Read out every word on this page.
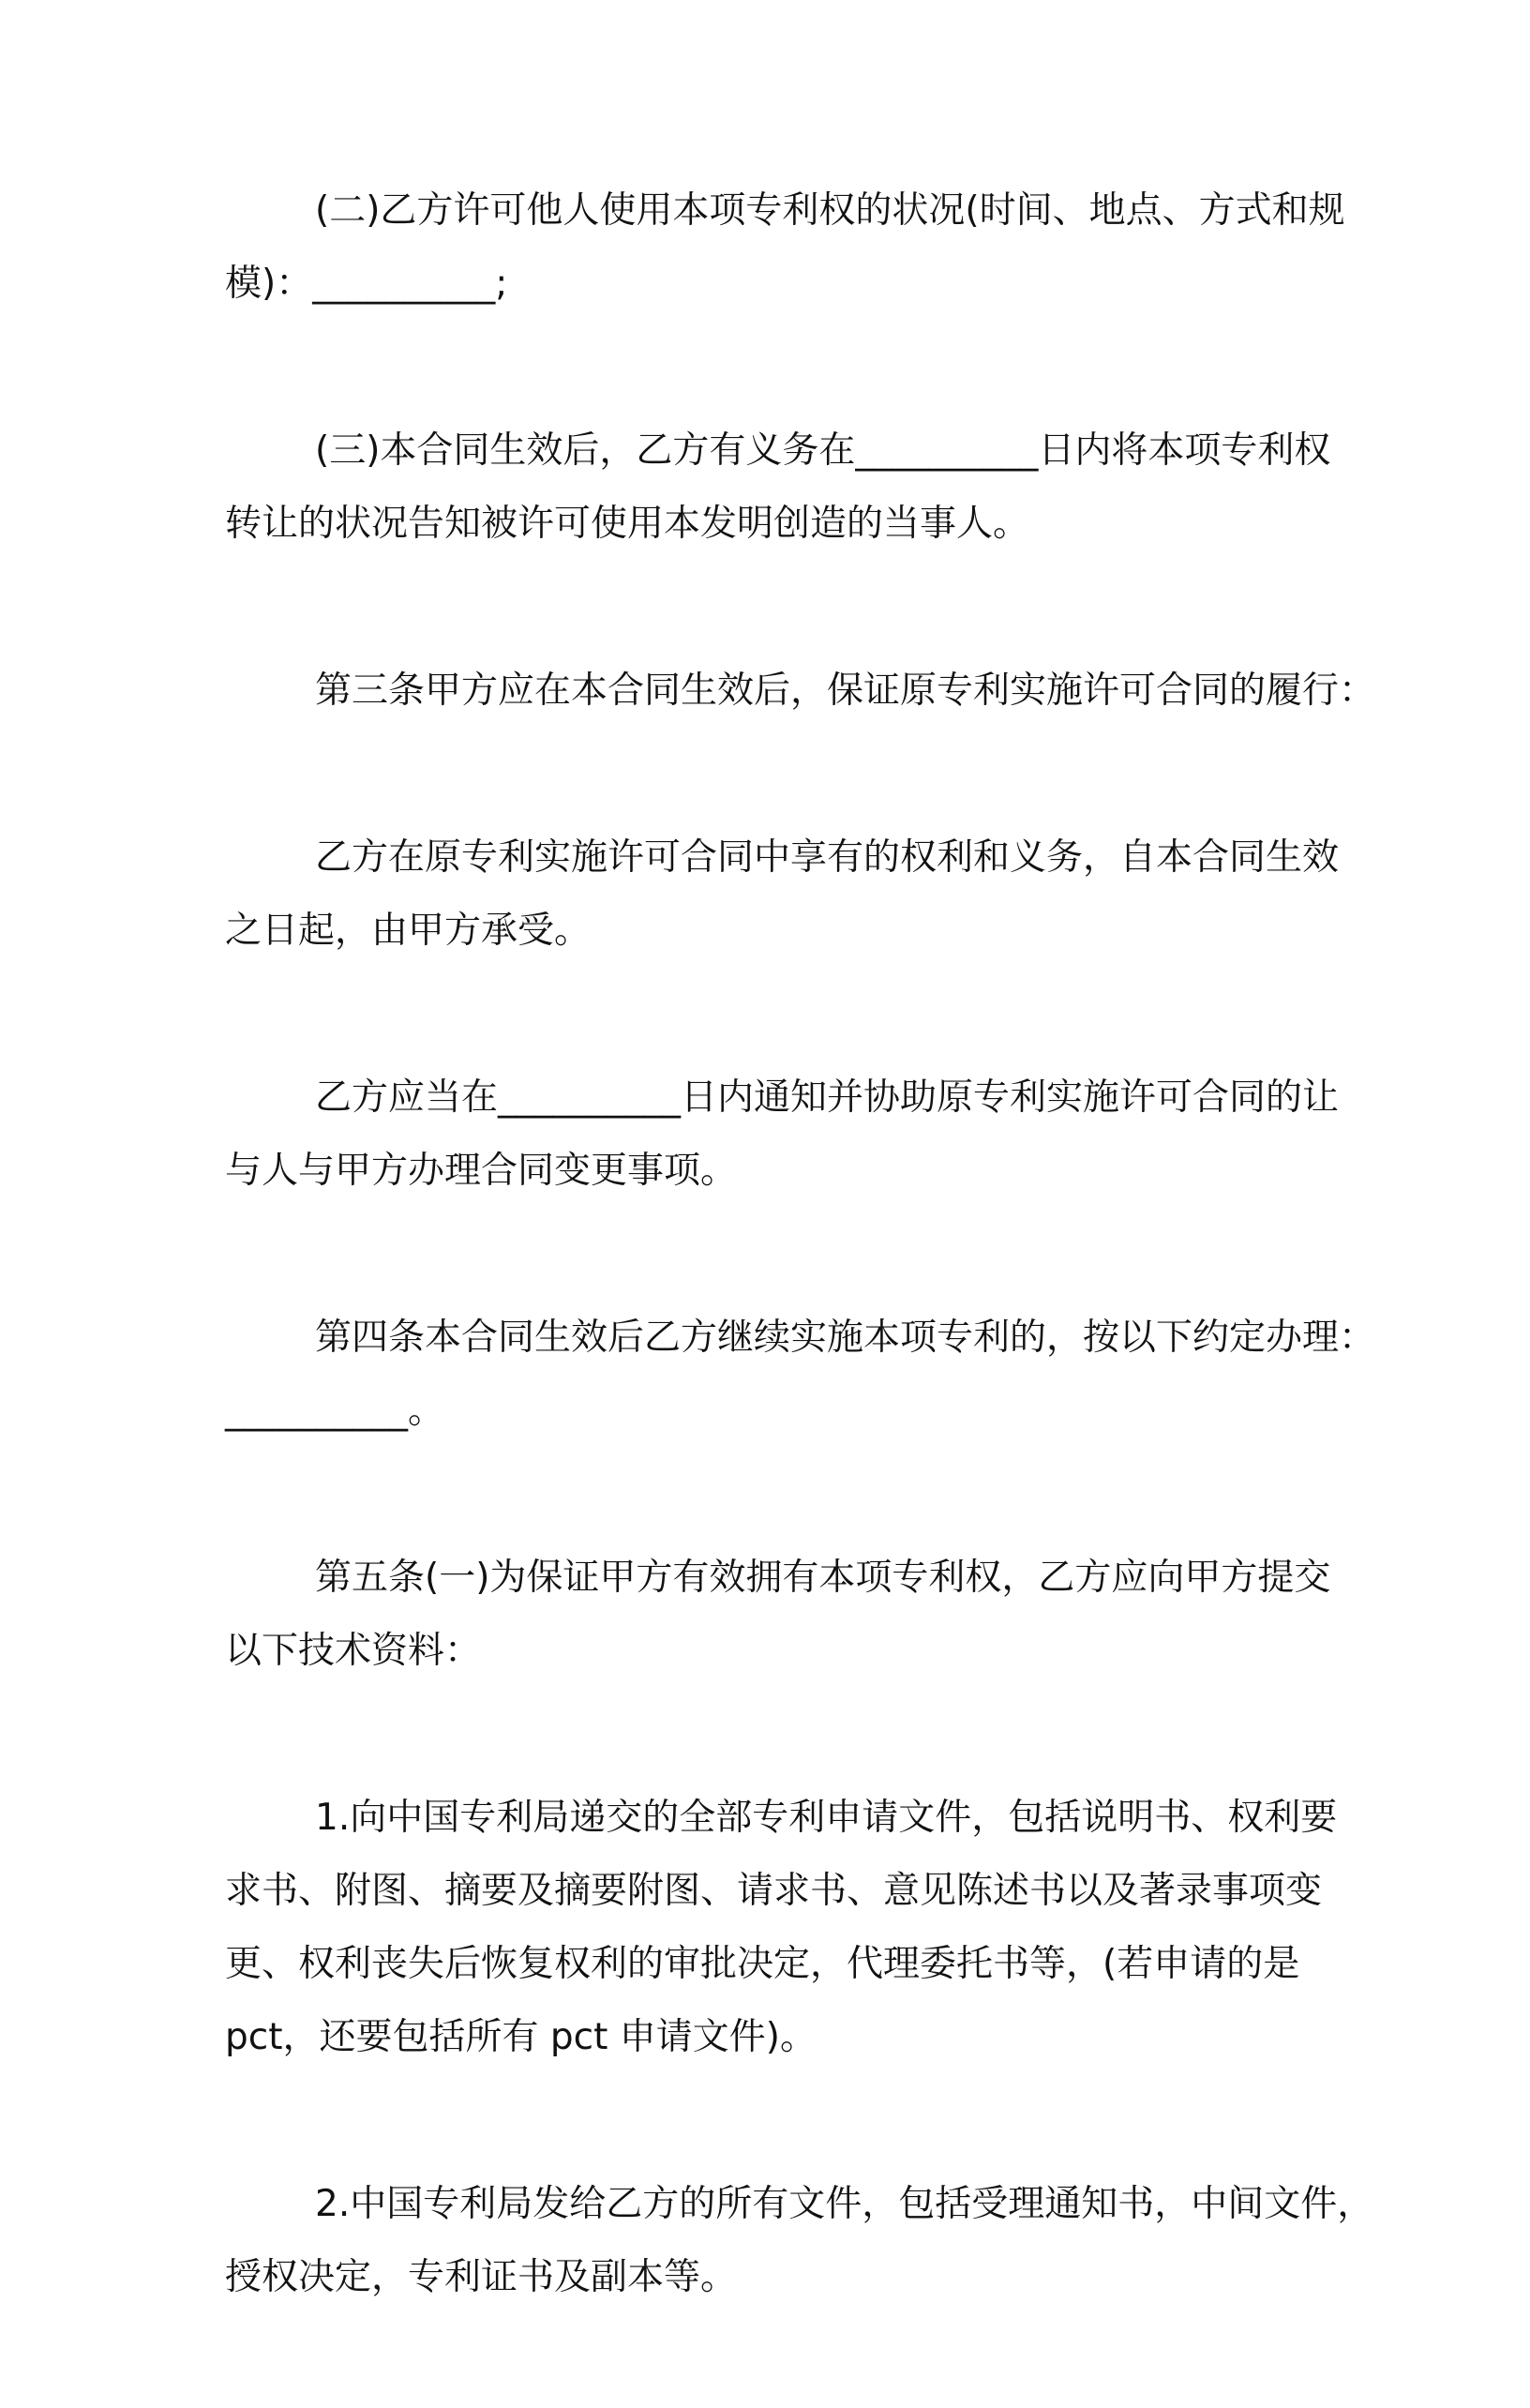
(二)乙方许可他人使用本项专利权的状况(时间、地点、方式和规
模)：__________;

(三)本合同生效后，乙方有义务在__________日内将本项专利权
转让的状况告知被许可使用本发明创造的当事人。

第三条甲方应在本合同生效后，保证原专利实施许可合同的履行：

乙方在原专利实施许可合同中享有的权利和义务，自本合同生效
之日起，由甲方承受。

乙方应当在__________日内通知并协助原专利实施许可合同的让
与人与甲方办理合同变更事项。

第四条本合同生效后乙方继续实施本项专利的，按以下约定办理：
__________。

第五条(一)为保证甲方有效拥有本项专利权，乙方应向甲方提交
以下技术资料：

1.向中国专利局递交的全部专利申请文件，包括说明书、权利要
求书、附图、摘要及摘要附图、请求书、意见陈述书以及著录事项变
更、权利丧失后恢复权利的审批决定，代理委托书等，(若申请的是
pct，还要包括所有 pct 申请文件)。

2.中国专利局发给乙方的所有文件，包括受理通知书，中间文件，
授权决定，专利证书及副本等。
